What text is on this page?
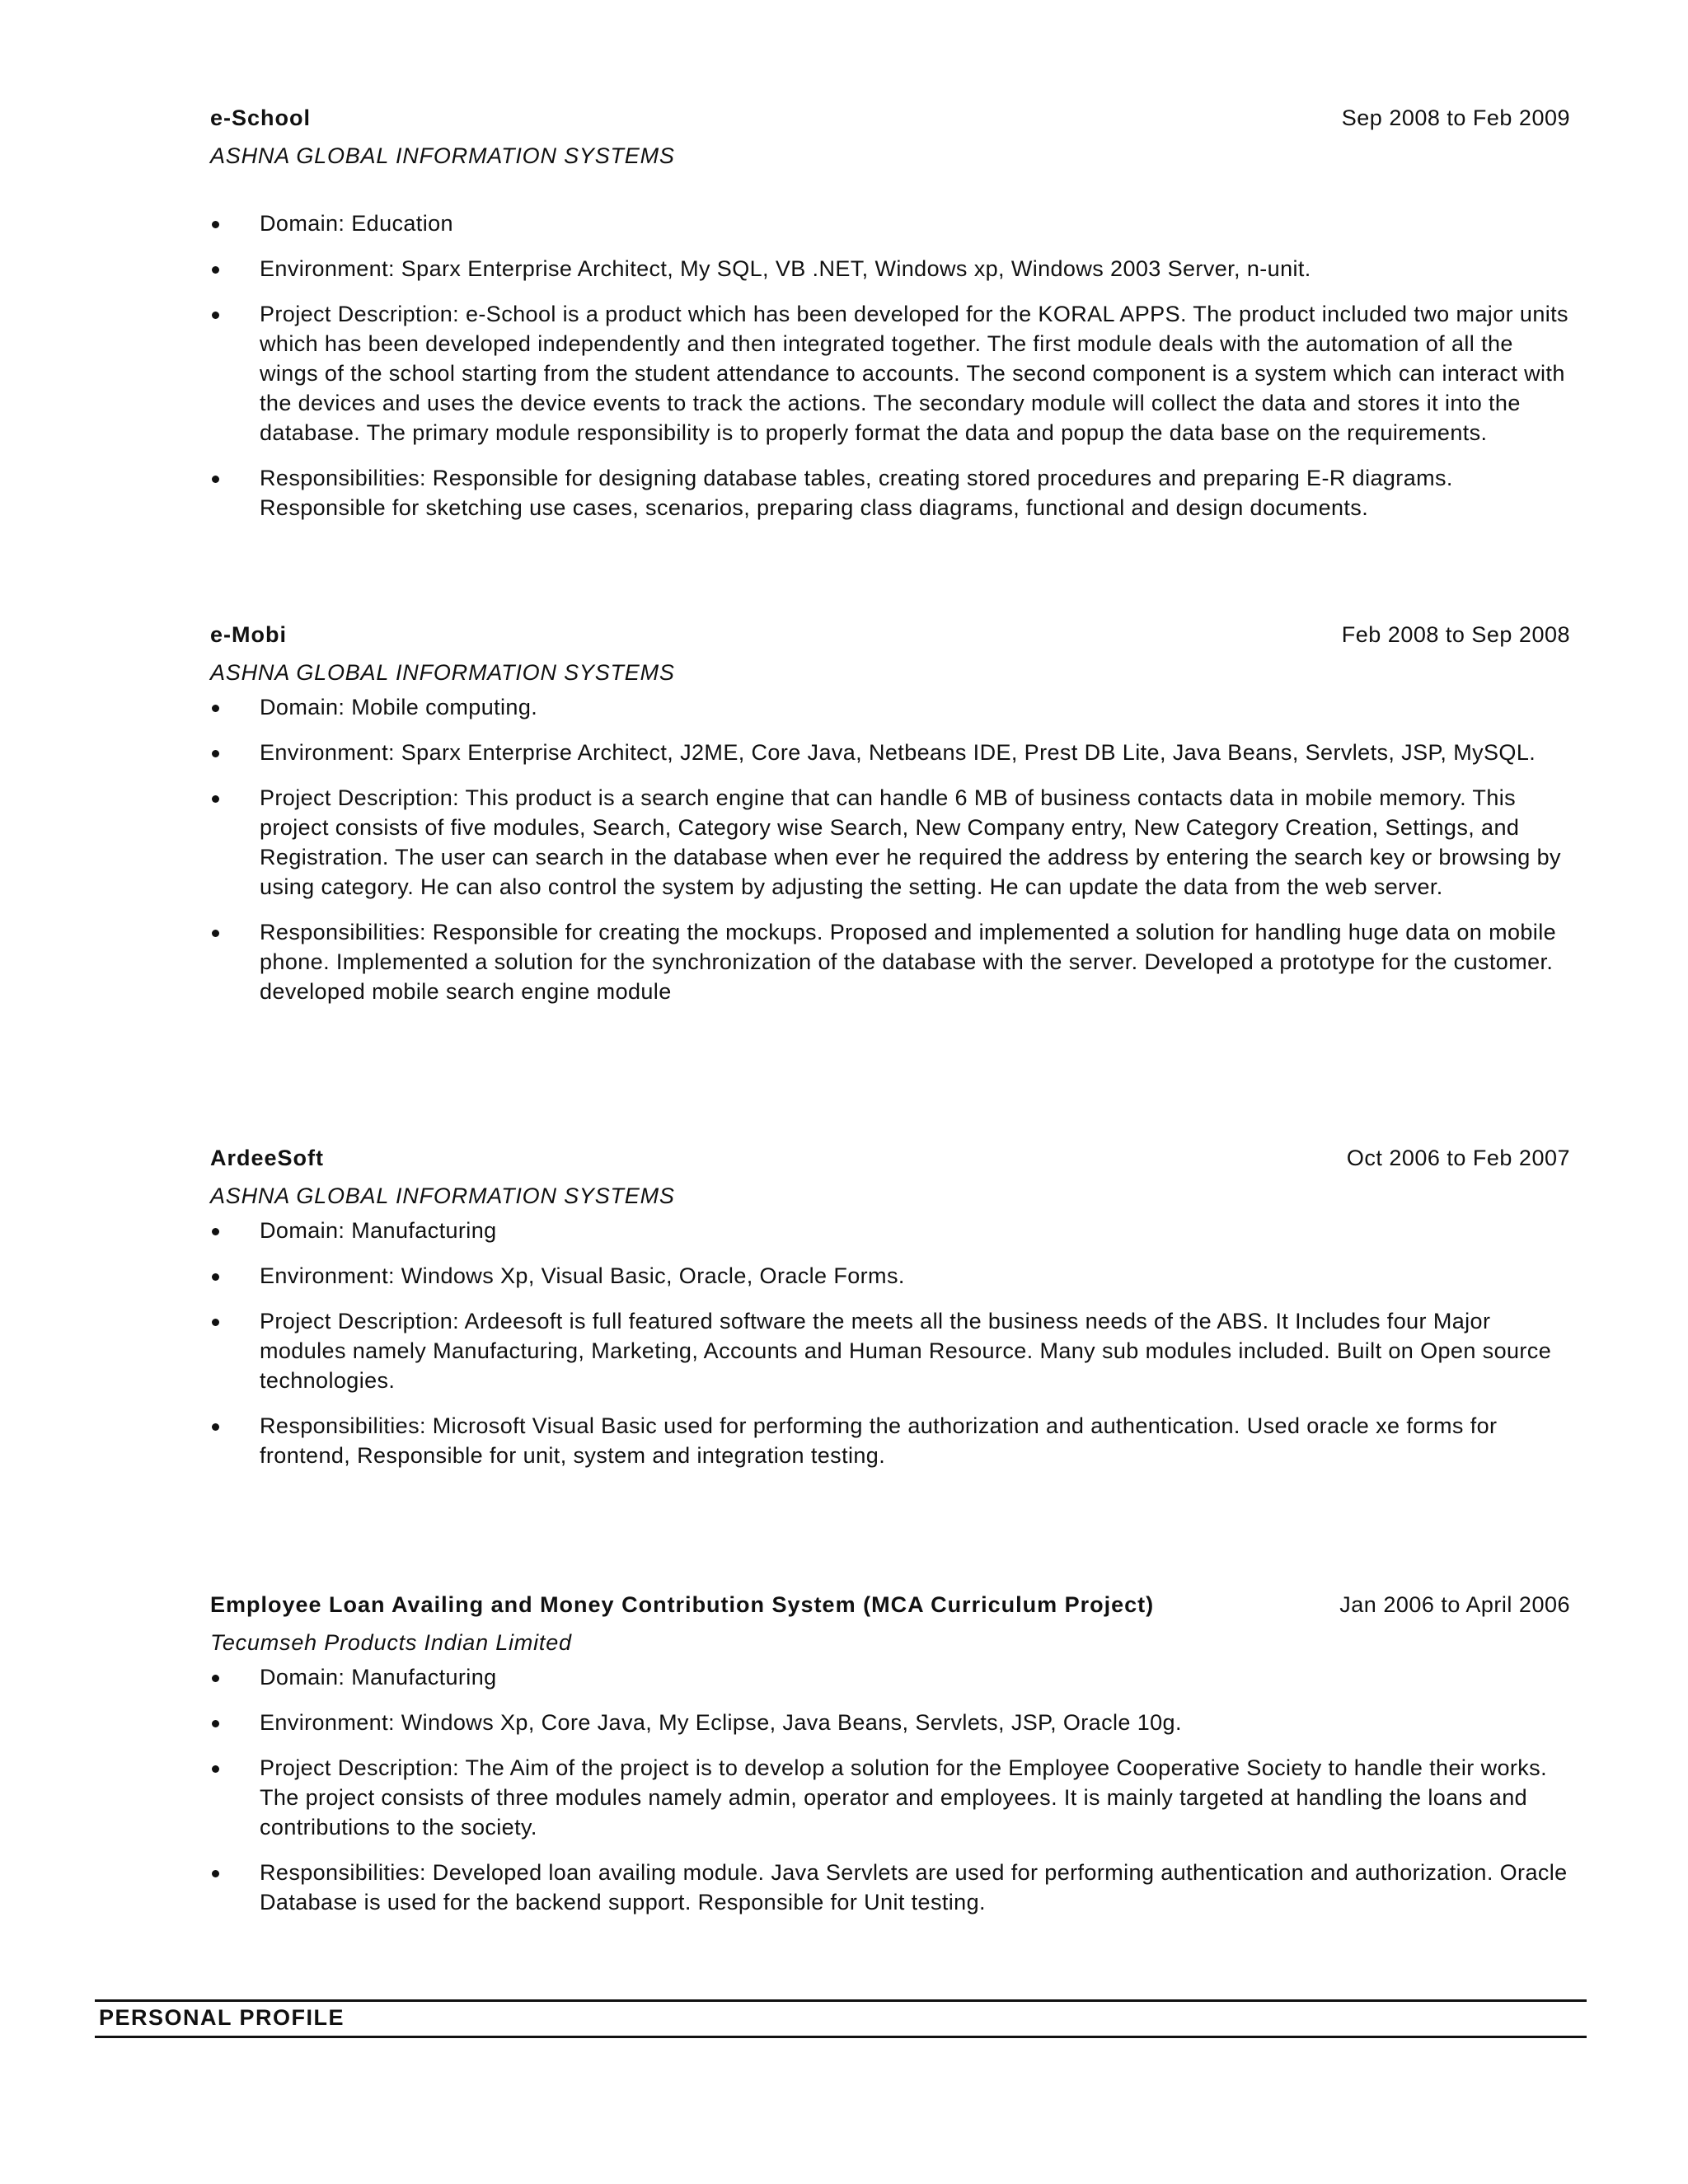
e-School	Sep 2008 to Feb 2009
ASHNA GLOBAL INFORMATION SYSTEMS
Domain: Education
Environment: Sparx Enterprise Architect, My SQL, VB .NET, Windows xp, Windows 2003 Server, n-unit.
Project Description: e-School is a product which has been developed for the KORAL APPS. The product included two major units which has been developed independently and then integrated together. The first module deals with the automation of all the wings of the school starting from the student attendance to accounts. The second component is a system which can interact with the devices and uses the device events to track the actions. The secondary module will collect the data and stores it into the database. The primary module responsibility is to properly format the data and popup the data base on the requirements.
Responsibilities: Responsible for designing database tables, creating stored procedures and preparing E-R diagrams. Responsible for sketching use cases, scenarios, preparing class diagrams, functional and design documents.
e-Mobi	Feb 2008 to Sep 2008
ASHNA GLOBAL INFORMATION SYSTEMS
Domain: Mobile computing.
Environment: Sparx Enterprise Architect, J2ME, Core Java, Netbeans IDE, Prest DB Lite, Java Beans, Servlets, JSP, MySQL.
Project Description: This product is a search engine that can handle 6 MB of business contacts data in mobile memory. This project consists of five modules, Search, Category wise Search, New Company entry, New Category Creation, Settings, and Registration. The user can search in the database when ever he required the address by entering the search key or browsing by using category. He can also control the system by adjusting the setting. He can update the data from the web server.
Responsibilities: Responsible for creating the mockups. Proposed and implemented a solution for handling huge data on mobile phone. Implemented a solution for the synchronization of the database with the server. Developed a prototype for the customer. developed mobile search engine module
ArdeeSoft	Oct 2006 to Feb 2007
ASHNA GLOBAL INFORMATION SYSTEMS
Domain: Manufacturing
Environment: Windows Xp, Visual Basic, Oracle, Oracle Forms.
Project Description: Ardeesoft is full featured software the meets all the business needs of the ABS. It Includes four Major modules namely Manufacturing, Marketing, Accounts and Human Resource. Many sub modules included. Built on Open source technologies.
Responsibilities: Microsoft Visual Basic used for performing the authorization and authentication. Used oracle xe forms for frontend, Responsible for unit, system and integration testing.
Employee Loan Availing and Money Contribution System (MCA Curriculum Project)	Jan 2006 to April 2006
Tecumseh Products Indian Limited
Domain: Manufacturing
Environment: Windows Xp, Core Java, My Eclipse, Java Beans, Servlets, JSP, Oracle 10g.
Project Description: The Aim of the project is to develop a solution for the Employee Cooperative Society to handle their works. The project consists of three modules namely admin, operator and employees. It is mainly targeted at handling the loans and contributions to the society.
Responsibilities: Developed loan availing module. Java Servlets are used for performing authentication and authorization. Oracle Database is used for the backend support. Responsible for Unit testing.
PERSONAL PROFILE
